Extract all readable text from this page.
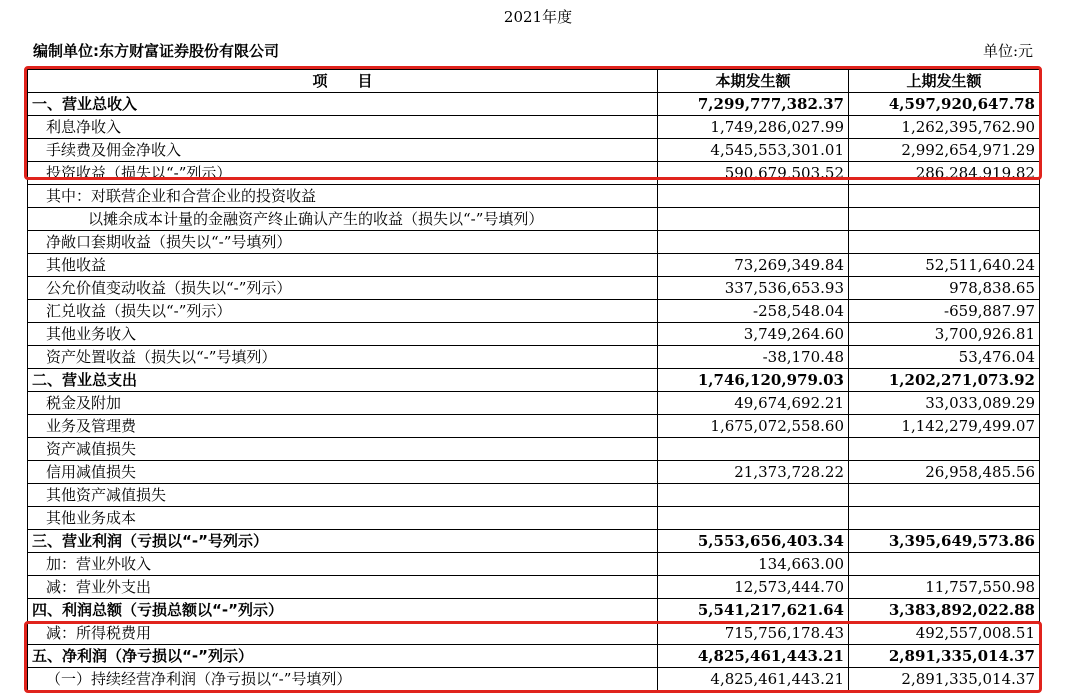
2021年度
编制单位:东方财富证券股份有限公司	单位:元
项　　目	本期发生额	上期发生额
一、营业总收入	7,299,777,382.37	4,597,920,647.78
利息净收入	1,749,286,027.99	1,262,395,762.90
手续费及佣金净收入	4,545,553,301.01	2,992,654,971.29
投资收益（损失以“-”列示）	590,679,503.52	286,284,919.82
其中：对联营企业和合营企业的投资收益		
以摊余成本计量的金融资产终止确认产生的收益（损失以“-”号填列）		
净敞口套期收益（损失以“-”号填列）		
其他收益	73,269,349.84	52,511,640.24
公允价值变动收益（损失以“-”列示）	337,536,653.93	978,838.65
汇兑收益（损失以“-”列示）	-258,548.04	-659,887.97
其他业务收入	3,749,264.60	3,700,926.81
资产处置收益（损失以“-”号填列）	-38,170.48	53,476.04
二、营业总支出	1,746,120,979.03	1,202,271,073.92
税金及附加	49,674,692.21	33,033,089.29
业务及管理费	1,675,072,558.60	1,142,279,499.07
资产减值损失		
信用减值损失	21,373,728.22	26,958,485.56
其他资产减值损失		
其他业务成本		
三、营业利润（亏损以“-”号列示）	5,553,656,403.34	3,395,649,573.86
加：营业外收入	134,663.00	
减：营业外支出	12,573,444.70	11,757,550.98
四、利润总额（亏损总额以“-”列示）	5,541,217,621.64	3,383,892,022.88
减：所得税费用	715,756,178.43	492,557,008.51
五、净利润（净亏损以“-”列示）	4,825,461,443.21	2,891,335,014.37
（一）持续经营净利润（净亏损以“-”号填列）	4,825,461,443.21	2,891,335,014.37
